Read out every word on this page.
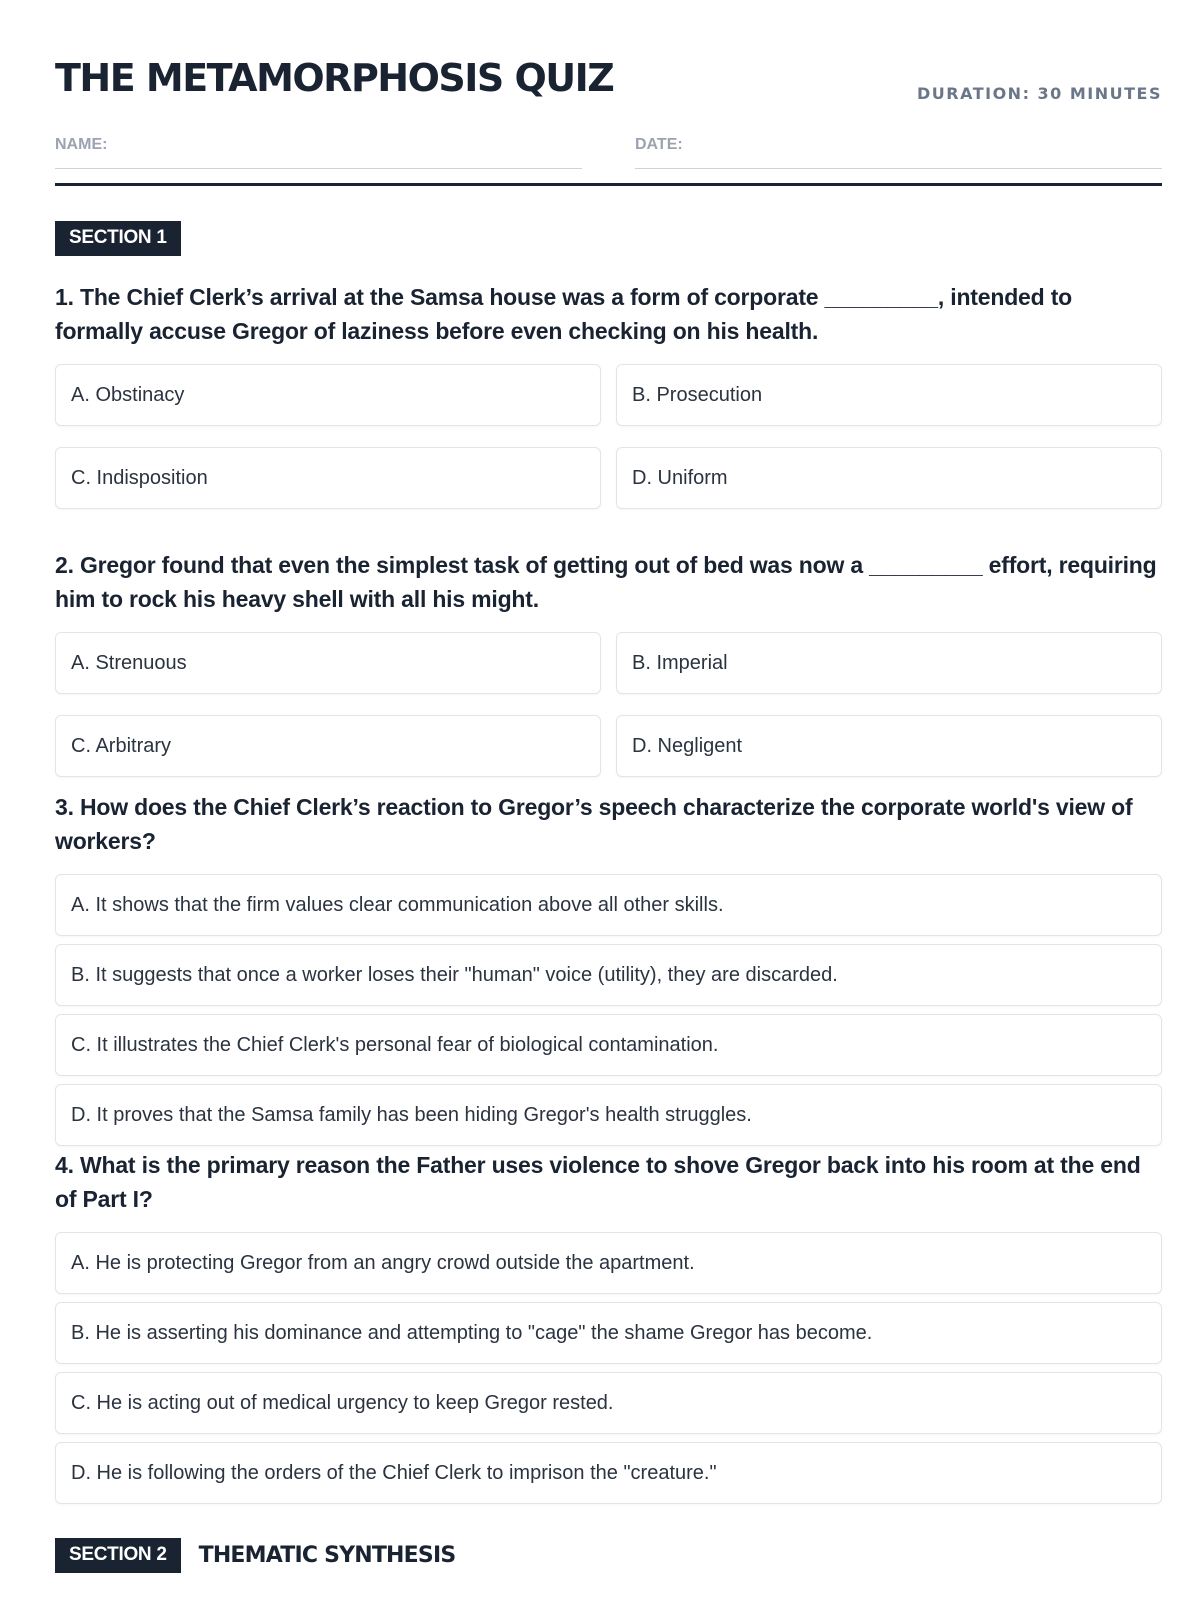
THE METAMORPHOSIS QUIZ	DURATION: 30 MINUTES
NAME:	DATE:
SECTION 1

1. The Chief Clerk’s arrival at the Samsa house was a form of corporate _________, intended to formally accuse Gregor of laziness before even checking on his health.

A. Obstinacy	B. Prosecution
C. Indisposition	D. Uniform

2. Gregor found that even the simplest task of getting out of bed was now a _________ effort, requiring him to rock his heavy shell with all his might.

A. Strenuous	B. Imperial
C. Arbitrary	D. Negligent

3. How does the Chief Clerk’s reaction to Gregor’s speech characterize the corporate world's view of workers?

A. It shows that the firm values clear communication above all other skills.
B. It suggests that once a worker loses their "human" voice (utility), they are discarded.
C. It illustrates the Chief Clerk's personal fear of biological contamination.
D. It proves that the Samsa family has been hiding Gregor's health struggles.

4. What is the primary reason the Father uses violence to shove Gregor back into his room at the end of Part I?

A. He is protecting Gregor from an angry crowd outside the apartment.
B. He is asserting his dominance and attempting to "cage" the shame Gregor has become.
C. He is acting out of medical urgency to keep Gregor rested.
D. He is following the orders of the Chief Clerk to imprison the "creature."
SECTION 2	THEMATIC SYNTHESIS
